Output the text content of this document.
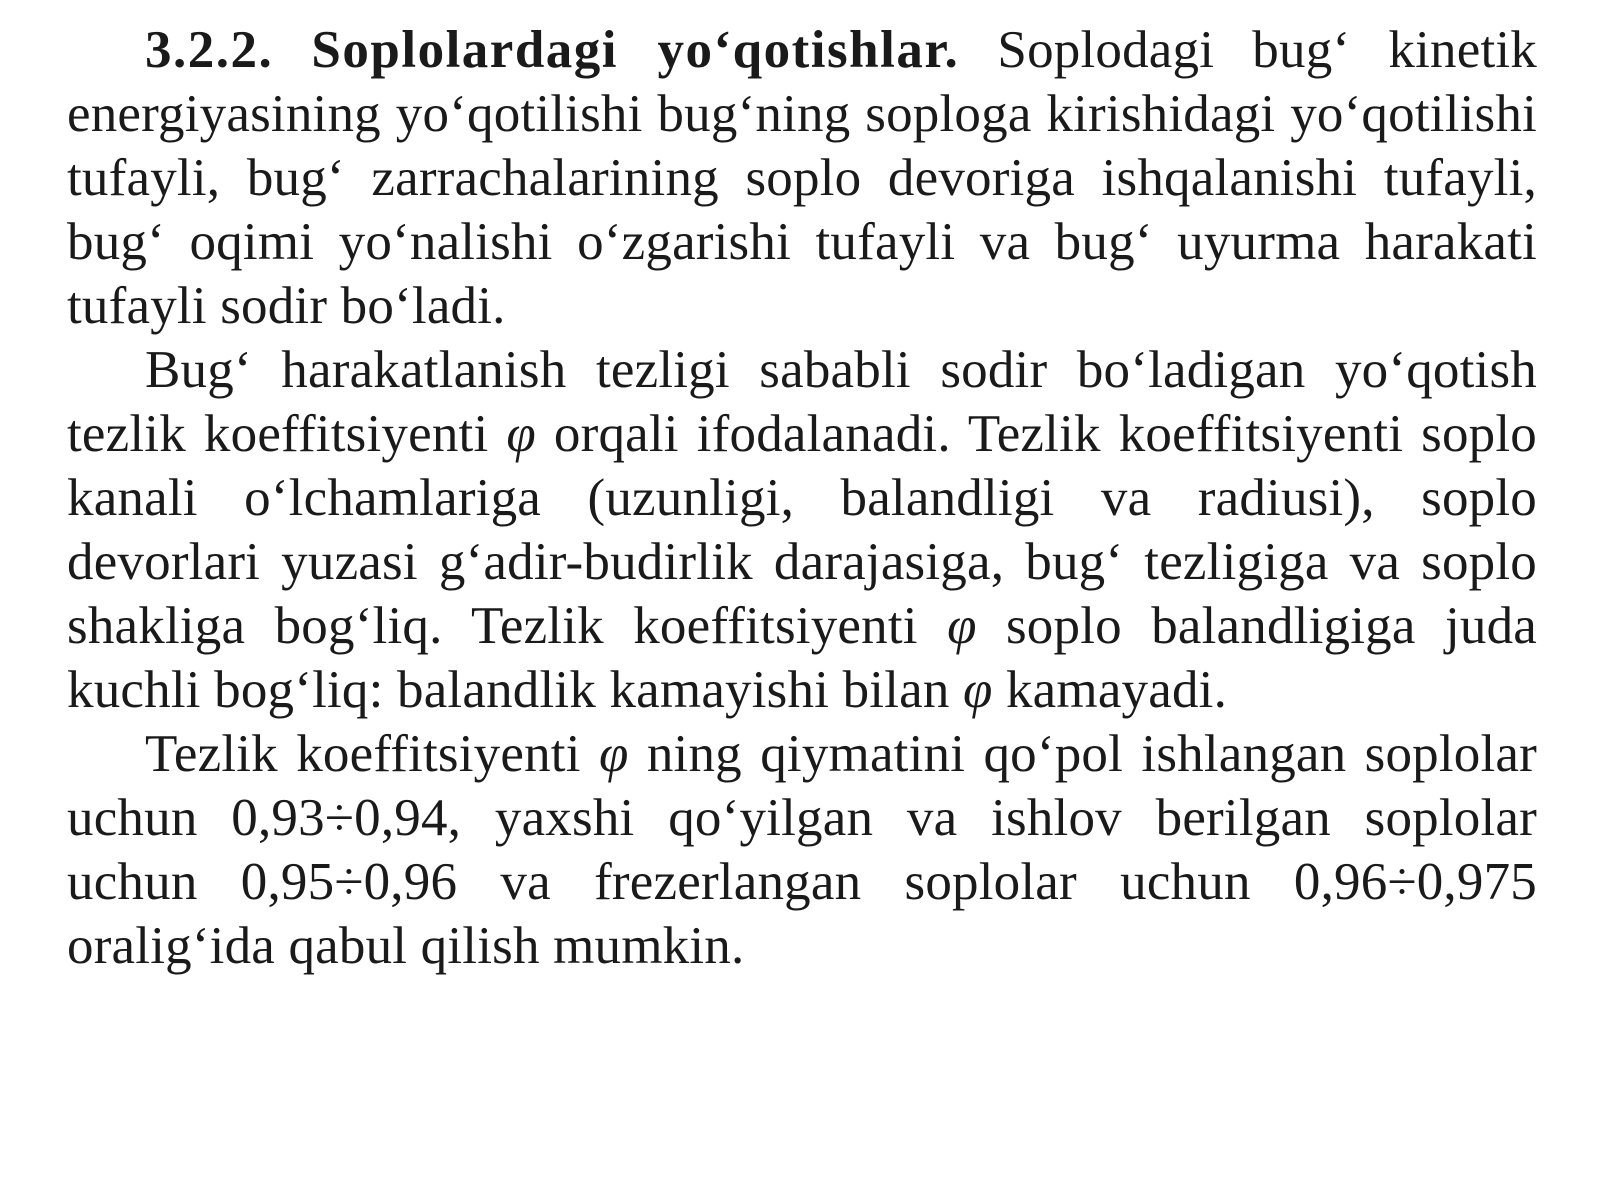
3.2.2. Soplolardagi yo‘qotishlar. Soplodagi bug‘ kinetik energiyasining yo‘qotilishi bug‘ning soploga kirishidagi yo‘qotilishi tufayli, bug‘ zarrachalarining soplo devoriga ishqalanishi tufayli, bug‘ oqimi yo‘nalishi o‘zgarishi tufayli va bug‘ uyurma harakati tufayli sodir bo‘ladi.

Bug‘ harakatlanish tezligi sababli sodir bo‘ladigan yo‘qotish tezlik koeffitsiyenti φ orqali ifodalanadi. Tezlik koeffitsiyenti soplo kanali o‘lchamlariga (uzunligi, balandligi va radiusi), soplo devorlari yuzasi g‘adir-budirlik darajasiga, bug‘ tezligiga va soplo shakliga bog‘liq. Tezlik koeffitsiyenti φ soplo balandligiga juda kuchli bog‘liq: balandlik kamayishi bilan φ kamayadi.

Tezlik koeffitsiyenti φ ning qiymatini qo‘pol ishlangan soplolar uchun 0,93÷0,94, yaxshi qo‘yilgan va ishlov berilgan soplolar uchun 0,95÷0,96 va frezerlangan soplolar uchun 0,96÷0,975 oralig‘ida qabul qilish mumkin.
